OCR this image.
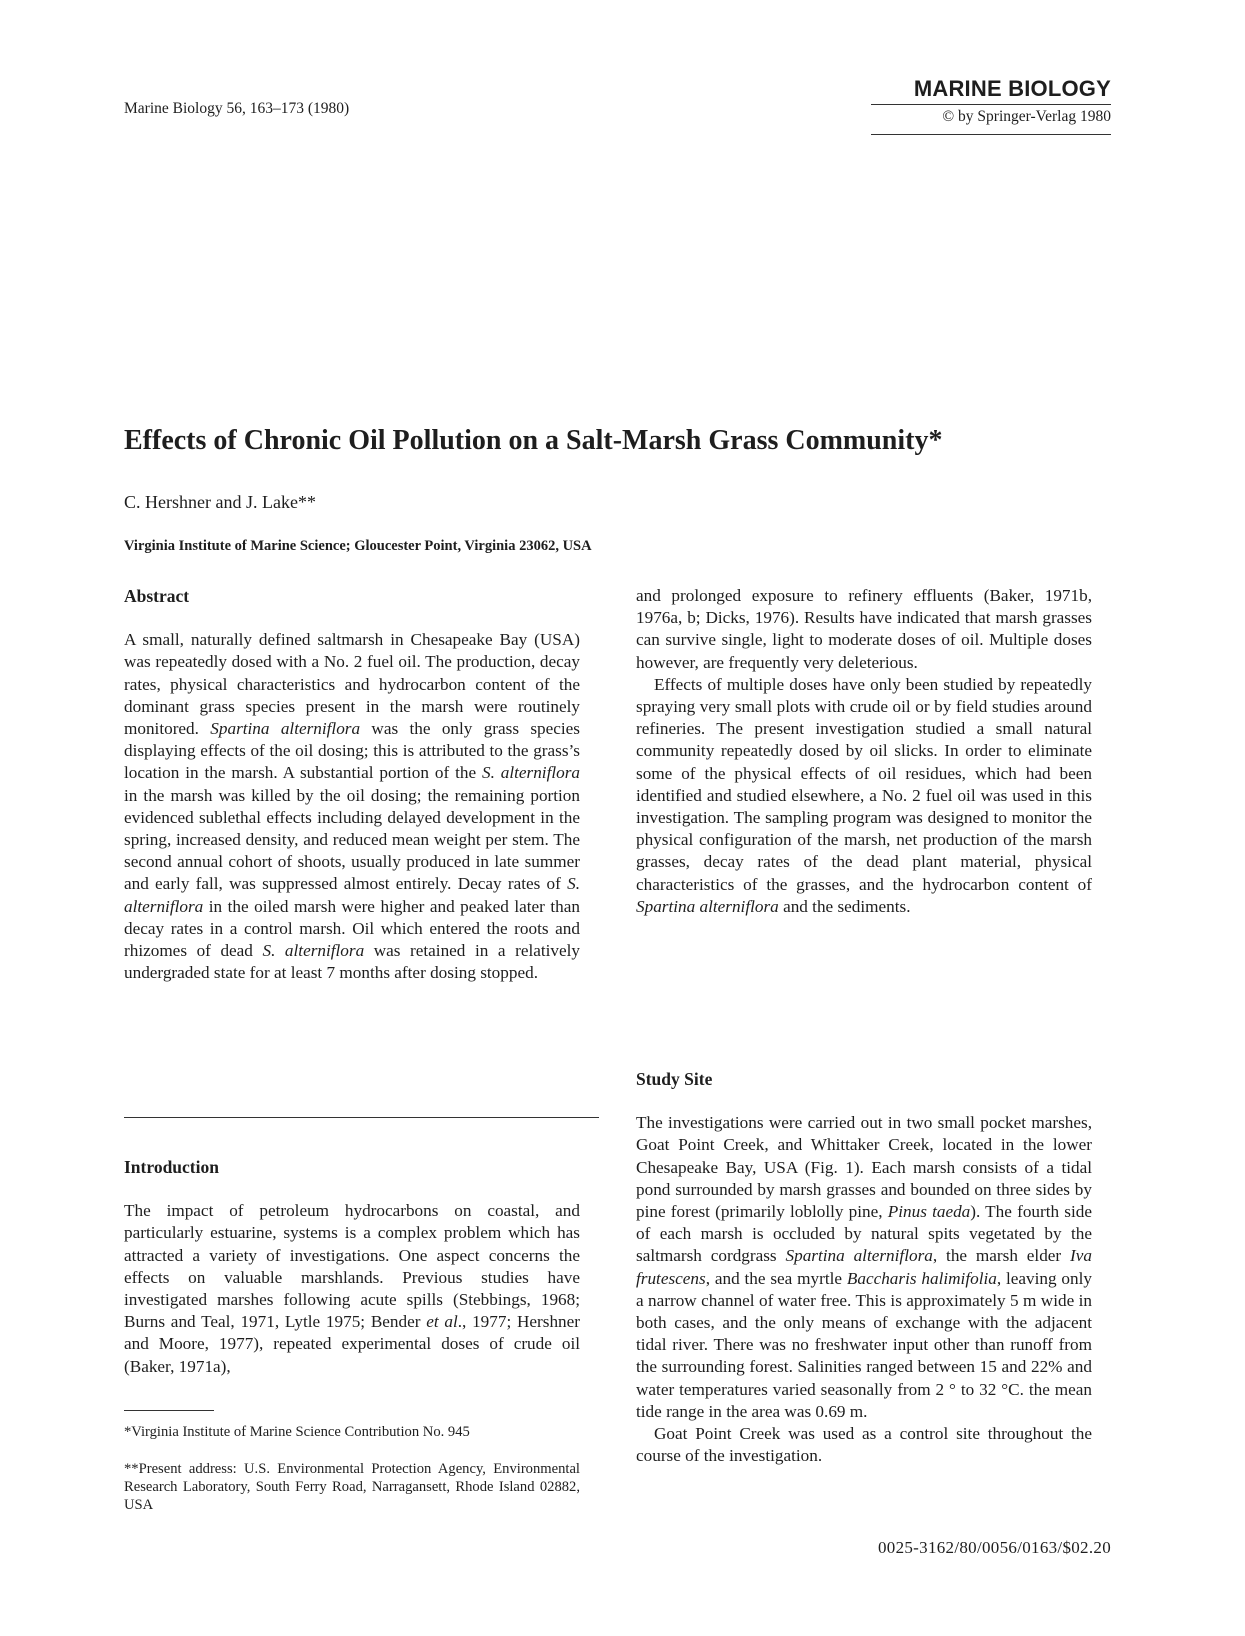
Marine Biology 56, 163–173 (1980)
MARINE BIOLOGY
© by Springer-Verlag 1980
Effects of Chronic Oil Pollution on a Salt-Marsh Grass Community*
C. Hershner and J. Lake**
Virginia Institute of Marine Science; Gloucester Point, Virginia 23062, USA
Abstract

A small, naturally defined saltmarsh in Chesapeake Bay (USA) was repeatedly dosed with a No. 2 fuel oil. The production, decay rates, physical characteristics and hydrocarbon content of the dominant grass species present in the marsh were routinely monitored. Spartina alterniflora was the only grass species displaying effects of the oil dosing; this is attributed to the grass’s location in the marsh. A substantial portion of the S. alterniflora in the marsh was killed by the oil dosing; the remaining portion evidenced sublethal effects including delayed development in the spring, increased density, and reduced mean weight per stem. The second annual cohort of shoots, usually produced in late summer and early fall, was suppressed almost entirely. Decay rates of S. alterniflora in the oiled marsh were higher and peaked later than decay rates in a control marsh. Oil which entered the roots and rhizomes of dead S. alterniflora was retained in a relatively undergraded state for at least 7 months after dosing stopped.

Introduction

The impact of petroleum hydrocarbons on coastal, and particularly estuarine, systems is a complex problem which has attracted a variety of investigations. One aspect concerns the effects on valuable marshlands. Previous studies have investigated marshes following acute spills (Stebbings, 1968; Burns and Teal, 1971, Lytle 1975; Bender et al., 1977; Hershner and Moore, 1977), repeated experimental doses of crude oil (Baker, 1971a),

*Virginia Institute of Marine Science Contribution No. 945
**Present address: U.S. Environmental Protection Agency, Environmental Research Laboratory, South Ferry Road, Narragansett, Rhode Island 02882, USA

and prolonged exposure to refinery effluents (Baker, 1971b, 1976a, b; Dicks, 1976). Results have indicated that marsh grasses can survive single, light to moderate doses of oil. Multiple doses however, are frequently very deleterious.

Effects of multiple doses have only been studied by repeatedly spraying very small plots with crude oil or by field studies around refineries. The present investigation studied a small natural community repeatedly dosed by oil slicks. In order to eliminate some of the physical effects of oil residues, which had been identified and studied elsewhere, a No. 2 fuel oil was used in this investigation. The sampling program was designed to monitor the physical configuration of the marsh, net production of the marsh grasses, decay rates of the dead plant material, physical characteristics of the grasses, and the hydrocarbon content of Spartina alterniflora and the sediments.

Study Site

The investigations were carried out in two small pocket marshes, Goat Point Creek, and Whittaker Creek, located in the lower Chesapeake Bay, USA (Fig. 1). Each marsh consists of a tidal pond surrounded by marsh grasses and bounded on three sides by pine forest (primarily loblolly pine, Pinus taeda). The fourth side of each marsh is occluded by natural spits vegetated by the saltmarsh cordgrass Spartina alterniflora, the marsh elder Iva frutescens, and the sea myrtle Baccharis halimifolia, leaving only a narrow channel of water free. This is approximately 5 m wide in both cases, and the only means of exchange with the adjacent tidal river. There was no freshwater input other than runoff from the surrounding forest. Salinities ranged between 15 and 22% and water temperatures varied seasonally from 2 ° to 32 °C. the mean tide range in the area was 0.69 m.

Goat Point Creek was used as a control site throughout the course of the investigation.

0025-3162/80/0056/0163/$02.20
